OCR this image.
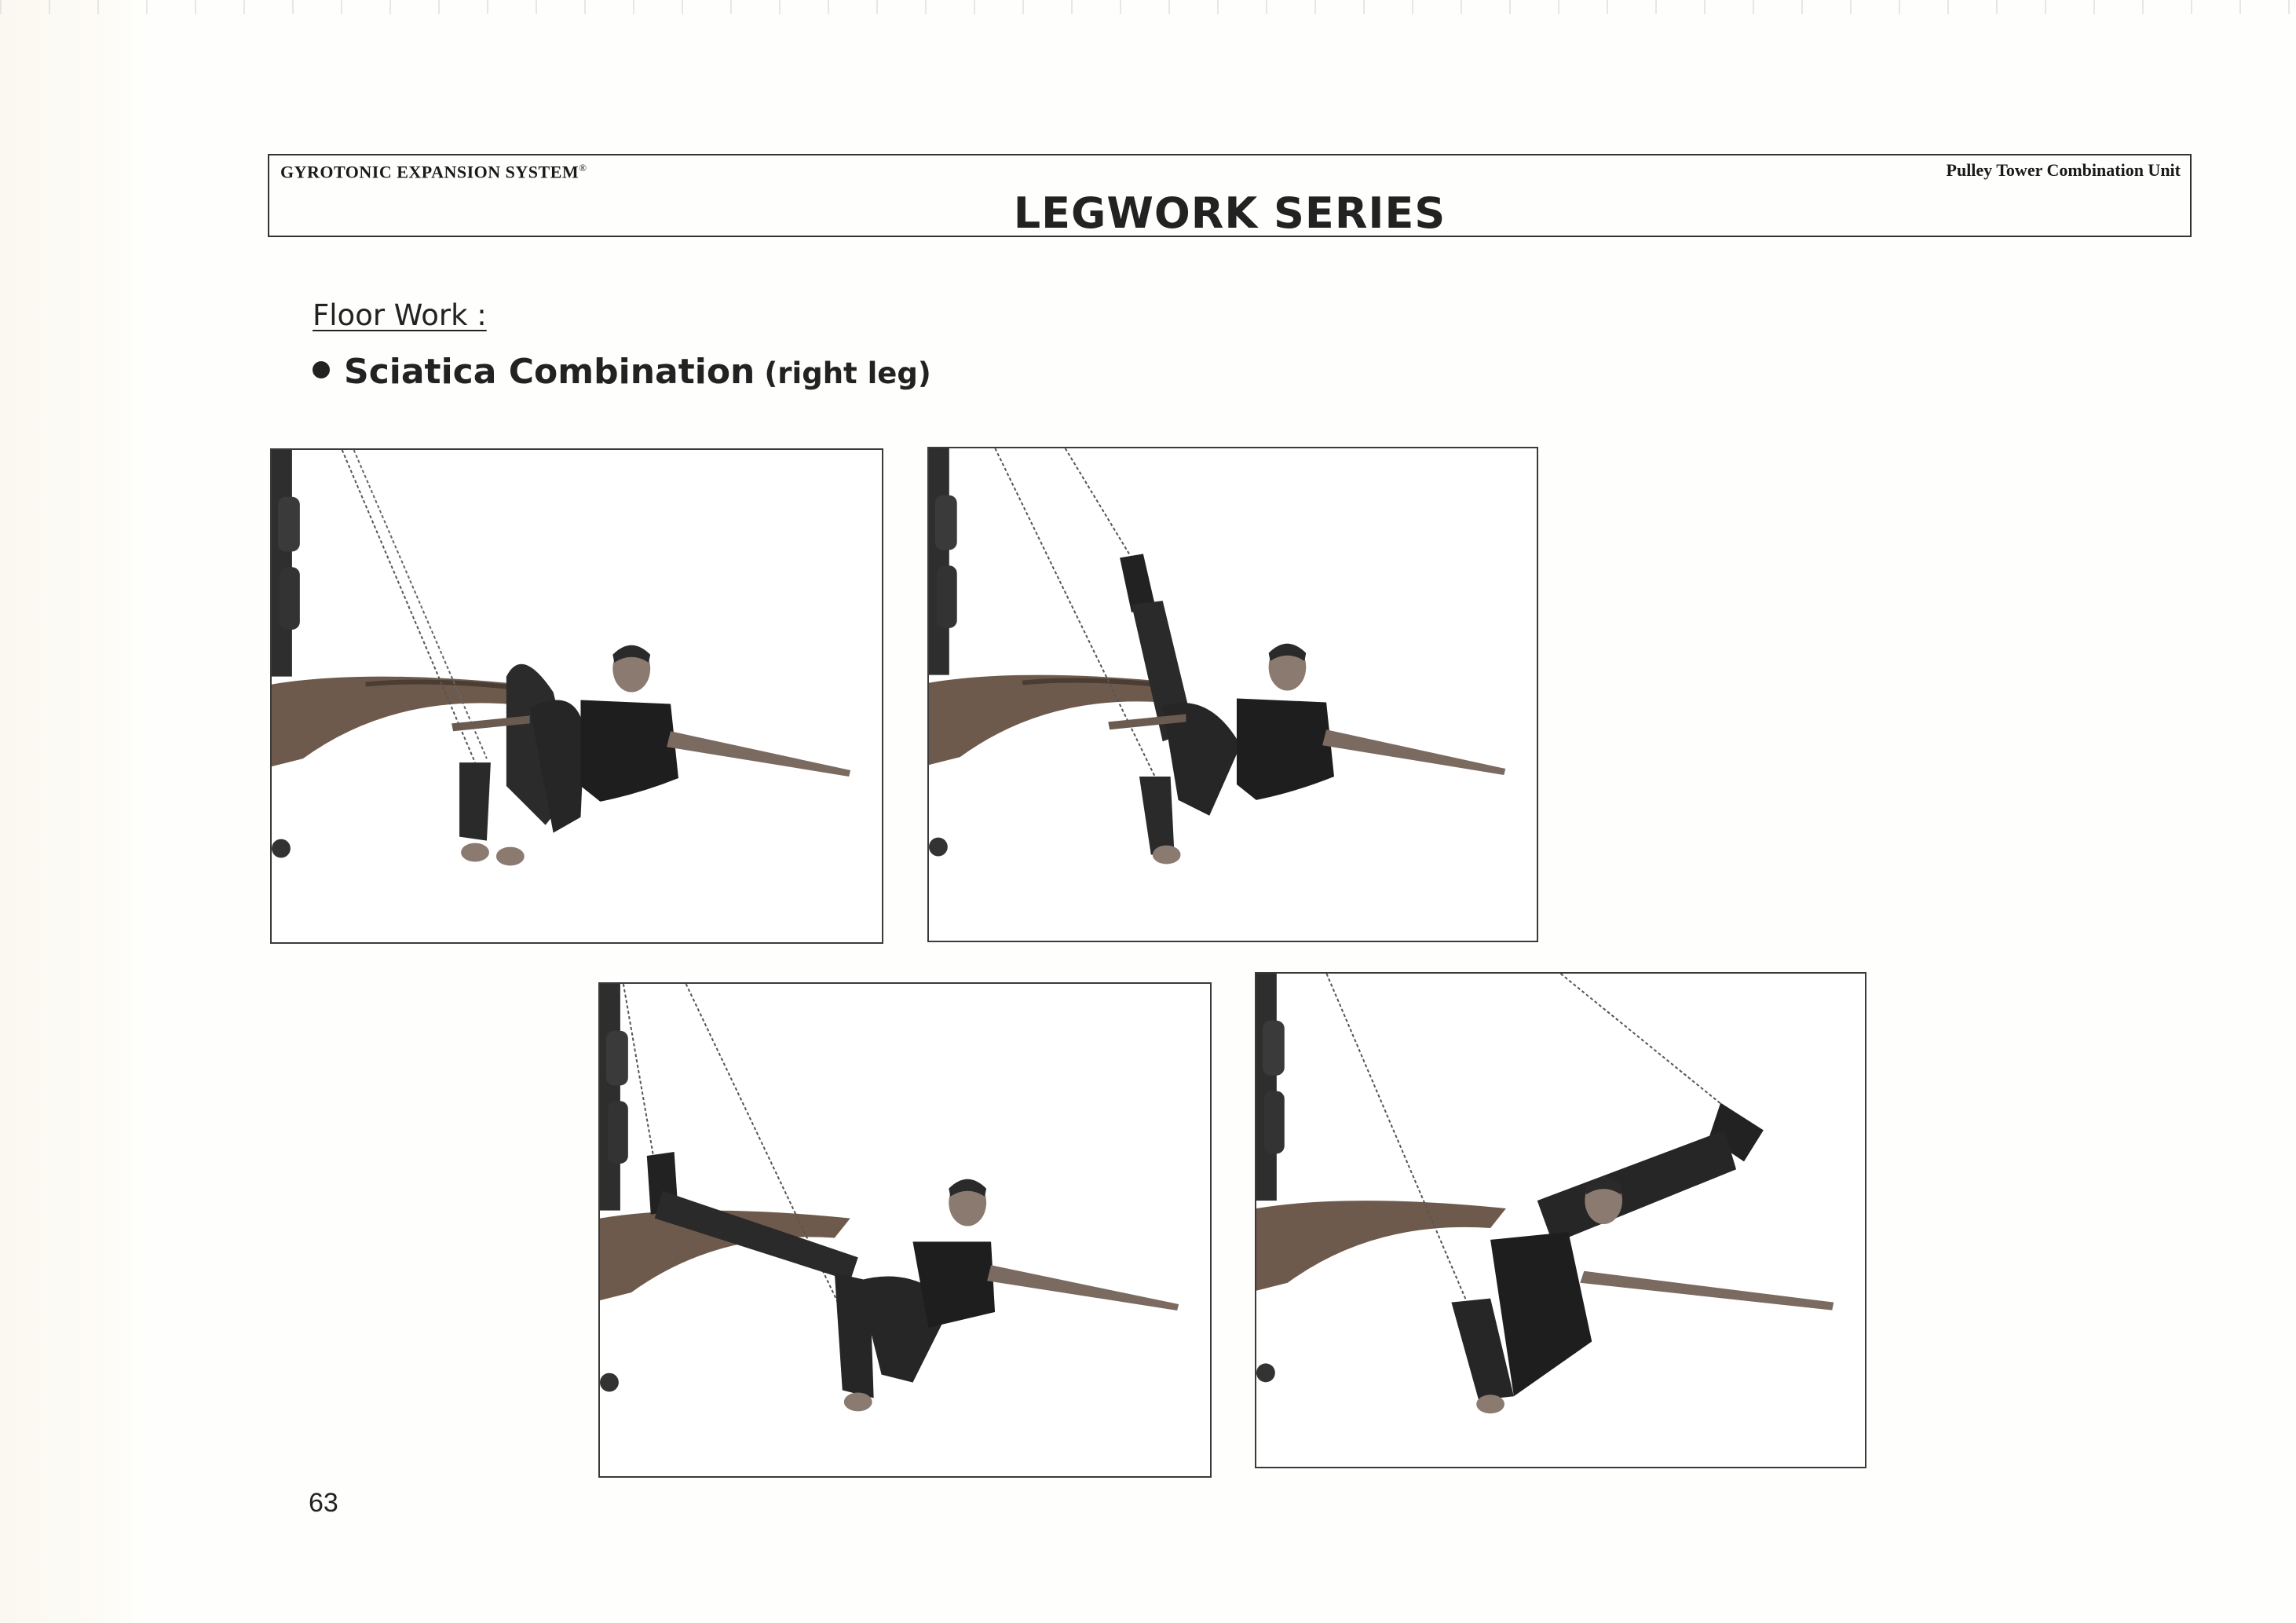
GYROTONIC EXPANSION SYSTEM®	Pulley Tower Combination Unit
LEGWORK SERIES
Floor Work :
Sciatica Combination (right leg)
63
